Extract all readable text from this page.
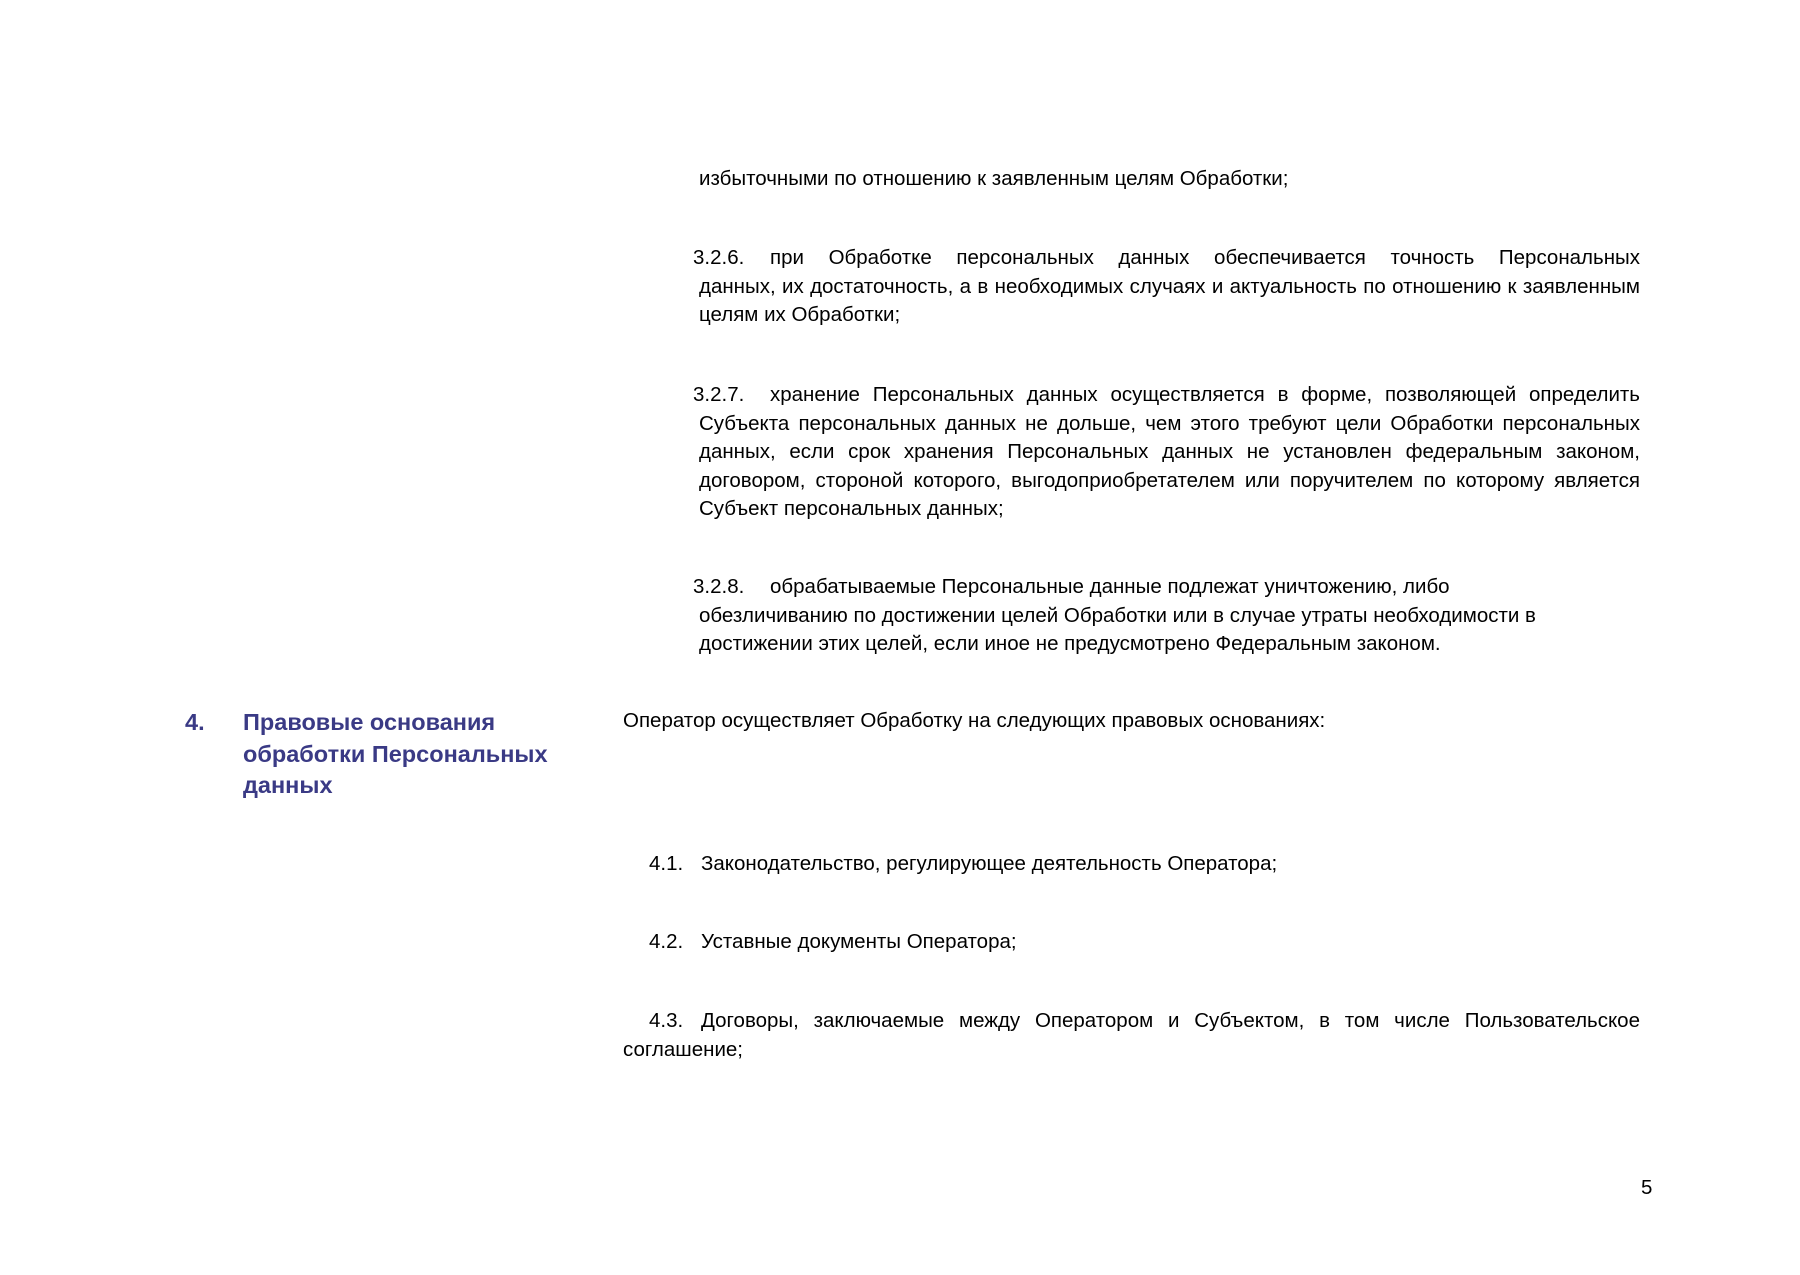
избыточными по отношению к заявленным целям Обработки;
3.2.6. при Обработке персональных данных обеспечивается точность Персональных
данных, их достаточность, а в необходимых случаях и актуальность по отношению к заявленным целям их Обработки;
3.2.7. хранение Персональных данных осуществляется в форме, позволяющей определить
Субъекта персональных данных не дольше, чем этого требуют цели Обработки персональных данных, если срок хранения Персональных данных не установлен федеральным законом, договором, стороной которого, выгодоприобретателем или поручителем по которому является Субъект персональных данных;
3.2.8.	обрабатываемые Персональные данные подлежат уничтожению, либо
обезличиванию по достижении целей Обработки или в случае утраты необходимости в достижении этих целей, если иное не предусмотрено Федеральным законом.
4. Правовые основания обработки Персональных данных
Оператор осуществляет Обработку на следующих правовых основаниях:
4.1. Законодательство, регулирующее деятельность Оператора;
4.2. Уставные документы Оператора;
4.3. Договоры, заключаемые между Оператором и Субъектом, в том числе Пользовательское соглашение;
5
